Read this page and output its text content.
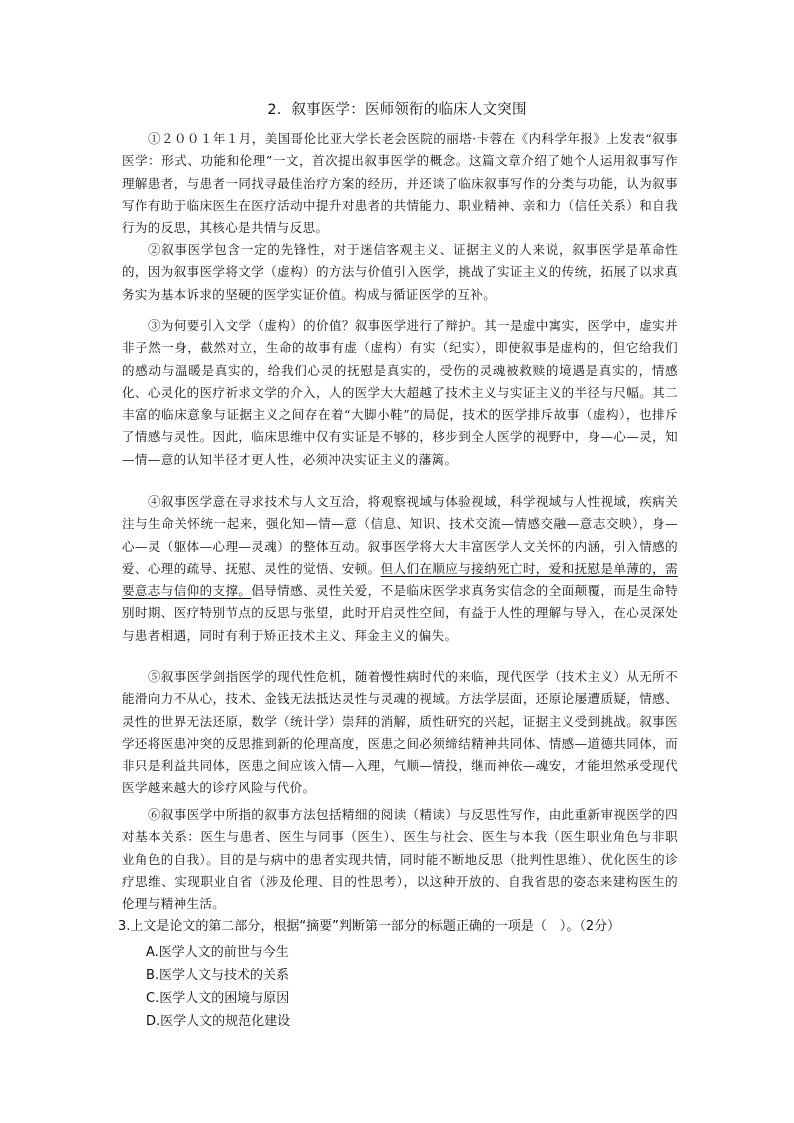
2．叙事医学：医师领衔的临床人文突围
①２００１年１月，美国哥伦比亚大学长老会医院的丽塔·卡蓉在《内科学年报》上发表“叙事医学：形式、功能和伦理”一文，首次提出叙事医学的概念。这篇文章介绍了她个人运用叙事写作理解患者，与患者一同找寻最佳治疗方案的经历，并还谈了临床叙事写作的分类与功能，认为叙事写作有助于临床医生在医疗活动中提升对患者的共情能力、职业精神、亲和力（信任关系）和自我行为的反思，其核心是共情与反思。
②叙事医学包含一定的先锋性，对于迷信客观主义、证据主义的人来说，叙事医学是革命性的，因为叙事医学将文学（虚构）的方法与价值引入医学，挑战了实证主义的传统，拓展了以求真务实为基本诉求的坚硬的医学实证价值。构成与循证医学的互补。
③为何要引入文学（虚构）的价值？叙事医学进行了辩护。其一是虚中寓实，医学中，虚实并非子然一身，截然对立，生命的故事有虚（虚构）有实（纪实），即使叙事是虚构的，但它给我们的感动与温暖是真实的，给我们心灵的抚慰是真实的，受伤的灵魂被救赎的境遇是真实的，情感化、心灵化的医疗祈求文学的介入，人的医学大大超越了技术主义与实证主义的半径与尺幅。其二丰富的临床意象与证据主义之间存在着“大脚小鞋”的局促，技术的医学排斥故事（虚构），也排斥了情感与灵性。因此，临床思维中仅有实证是不够的，移步到全人医学的视野中，身—心—灵，知—情—意的认知半径才更人性，必须冲决实证主义的藩篱。
④叙事医学意在寻求技术与人文互洽，将观察视域与体验视域，科学视域与人性视域，疾病关注与生命关怀统一起来，强化知—情—意（信息、知识、技术交流—情感交融—意志交映），身—心—灵（躯体—心理—灵魂）的整体互动。叙事医学将大大丰富医学人文关怀的内涵，引入情感的爱、心理的疏导、抚慰、灵性的觉悟、安顿。但人们在顺应与接纳死亡时，爱和抚慰是单薄的，需要意志与信仰的支撑。倡导情感、灵性关爱，不是临床医学求真务实信念的全面颠覆，而是生命特别时期、医疗特别节点的反思与张望，此时开启灵性空间，有益于人性的理解与导入，在心灵深处与患者相遇，同时有利于矫正技术主义、拜金主义的偏失。
⑤叙事医学剑指医学的现代性危机，随着慢性病时代的来临，现代医学（技术主义）从无所不能滑向力不从心，技术、金钱无法抵达灵性与灵魂的视域。方法学层面，还原论屡遭质疑，情感、灵性的世界无法还原，数学（统计学）崇拜的消解，质性研究的兴起，证据主义受到挑战。叙事医学还将医患冲突的反思推到新的伦理高度，医患之间必须缔结精神共同体、情感—道德共同体，而非只是利益共同体，医患之间应该入情—入理，气顺—情投，继而神依—魂安，才能坦然承受现代医学越来越大的诊疗风险与代价。
⑥叙事医学中所指的叙事方法包括精细的阅读（精读）与反思性写作，由此重新审视医学的四对基本关系：医生与患者、医生与同事（医生）、医生与社会、医生与本我（医生职业角色与非职业角色的自我）。目的是与病中的患者实现共情，同时能不断地反思（批判性思维）、优化医生的诊疗思维、实现职业自省（涉及伦理、目的性思考），以这种开放的、自我省思的姿态来建构医生的伦理与精神生活。
3.上文是论文的第二部分，根据“摘要”判断第一部分的标题正确的一项是（　）。（2分）
A.医学人文的前世与今生
B.医学人文与技术的关系
C.医学人文的困境与原因
D.医学人文的规范化建设
